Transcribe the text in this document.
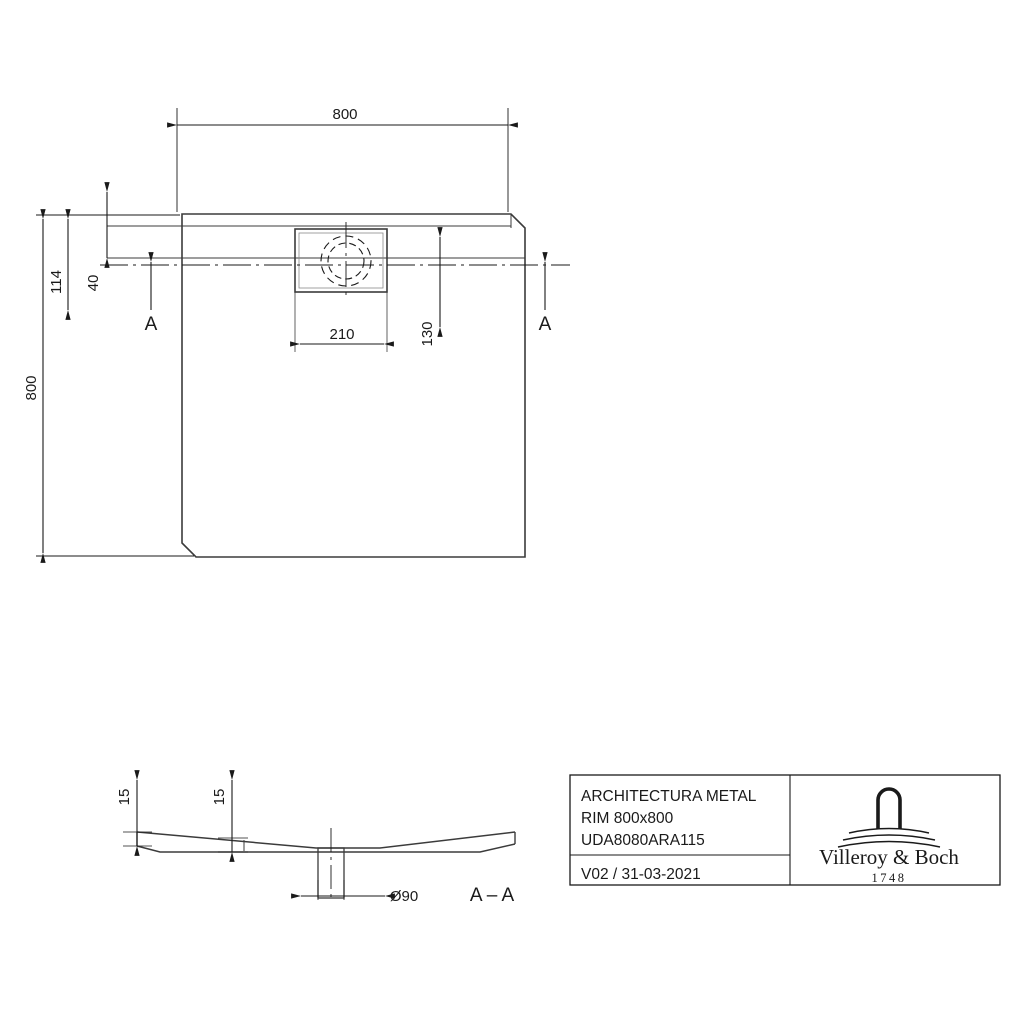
800
800
114 40
210	130
A	A
15	15
Ø90	A – A
ARCHITECTURA METAL
RIM 800x800
UDA8080ARA115
V02 / 31-03-2021
Villeroy & Boch
1748
